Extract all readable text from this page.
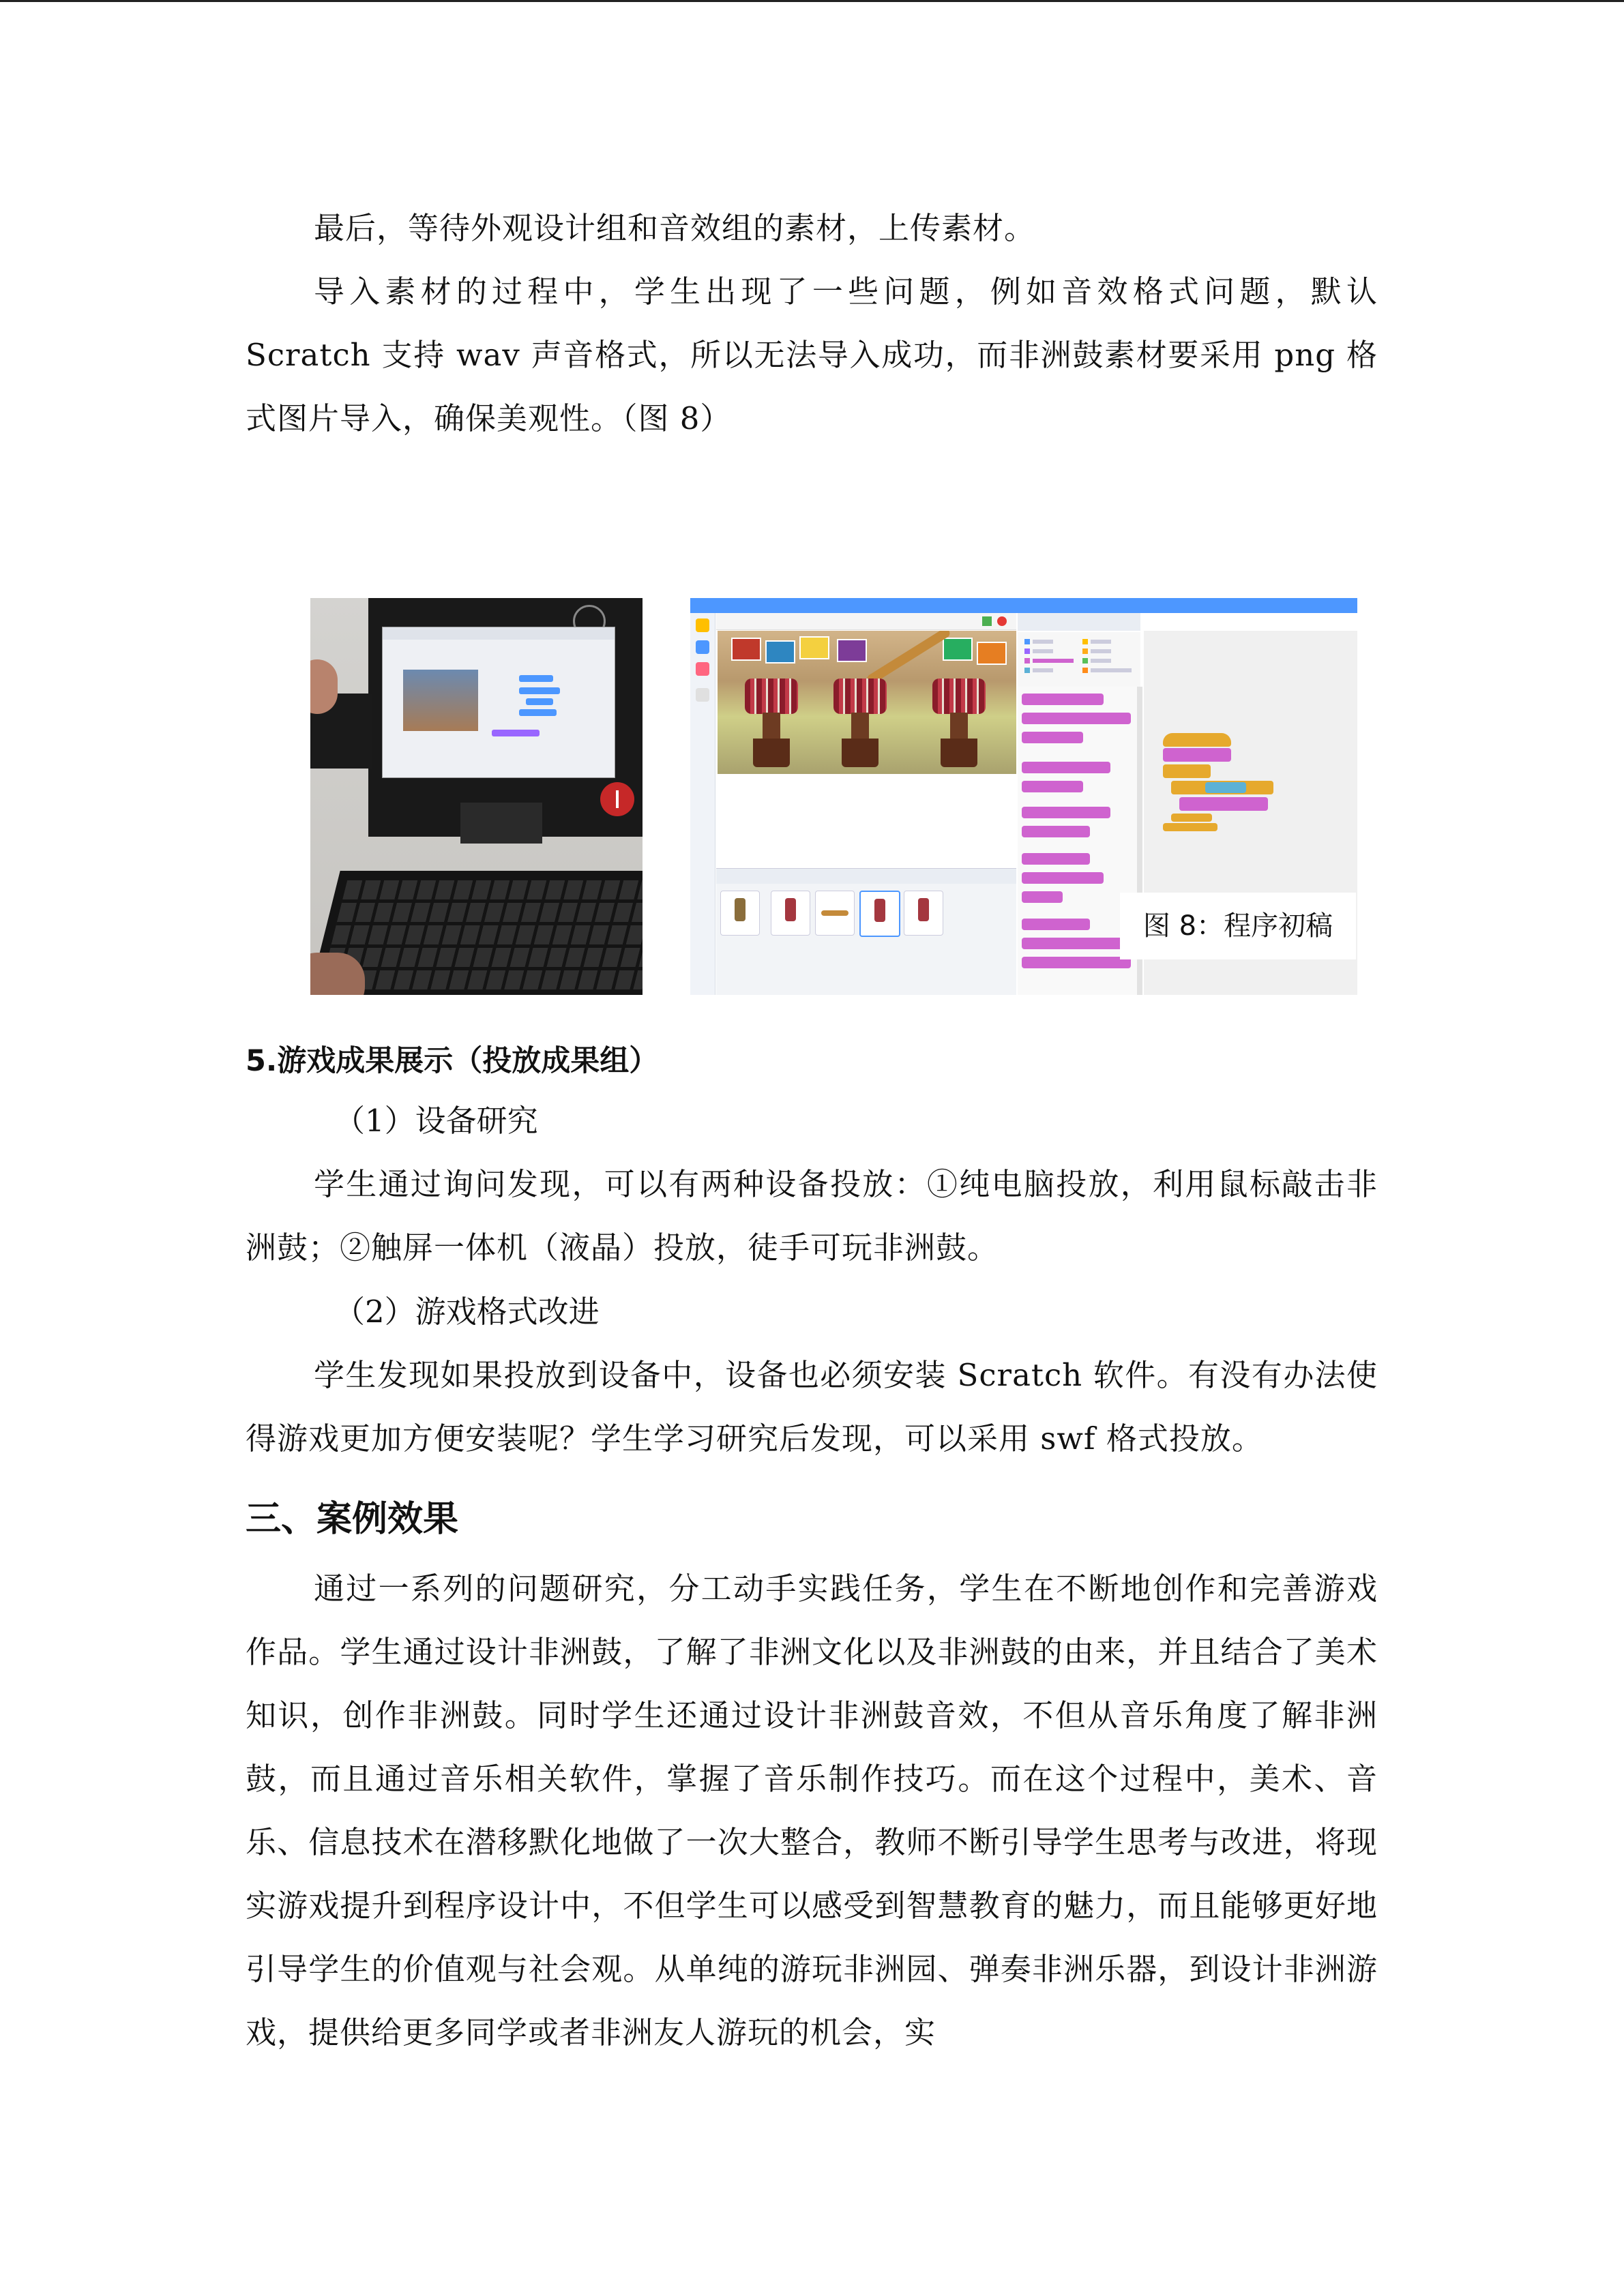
最后，等待外观设计组和音效组的素材，上传素材。

导入素材的过程中，学生出现了一些问题，例如音效格式问题，默认 Scratch 支持 wav 声音格式，所以无法导入成功，而非洲鼓素材要采用 png 格式图片导入，确保美观性。（图 8）

5.游戏成果展示（投放成果组）

（1）设备研究

学生通过询问发现，可以有两种设备投放：①纯电脑投放，利用鼠标敲击非洲鼓；②触屏一体机（液晶）投放，徒手可玩非洲鼓。

（2）游戏格式改进

学生发现如果投放到设备中，设备也必须安装 Scratch 软件。有没有办法使得游戏更加方便安装呢？学生学习研究后发现，可以采用 swf 格式投放。

三、案例效果

通过一系列的问题研究，分工动手实践任务，学生在不断地创作和完善游戏作品。学生通过设计非洲鼓，了解了非洲文化以及非洲鼓的由来，并且结合了美术知识，创作非洲鼓。同时学生还通过设计非洲鼓音效，不但从音乐角度了解非洲鼓，而且通过音乐相关软件，掌握了音乐制作技巧。而在这个过程中，美术、音乐、信息技术在潜移默化地做了一次大整合，教师不断引导学生思考与改进，将现实游戏提升到程序设计中，不但学生可以感受到智慧教育的魅力，而且能够更好地引导学生的价值观与社会观。从单纯的游玩非洲园、弹奏非洲乐器，到设计非洲游戏，提供给更多同学或者非洲友人游玩的机会，实

图 8：程序初稿
